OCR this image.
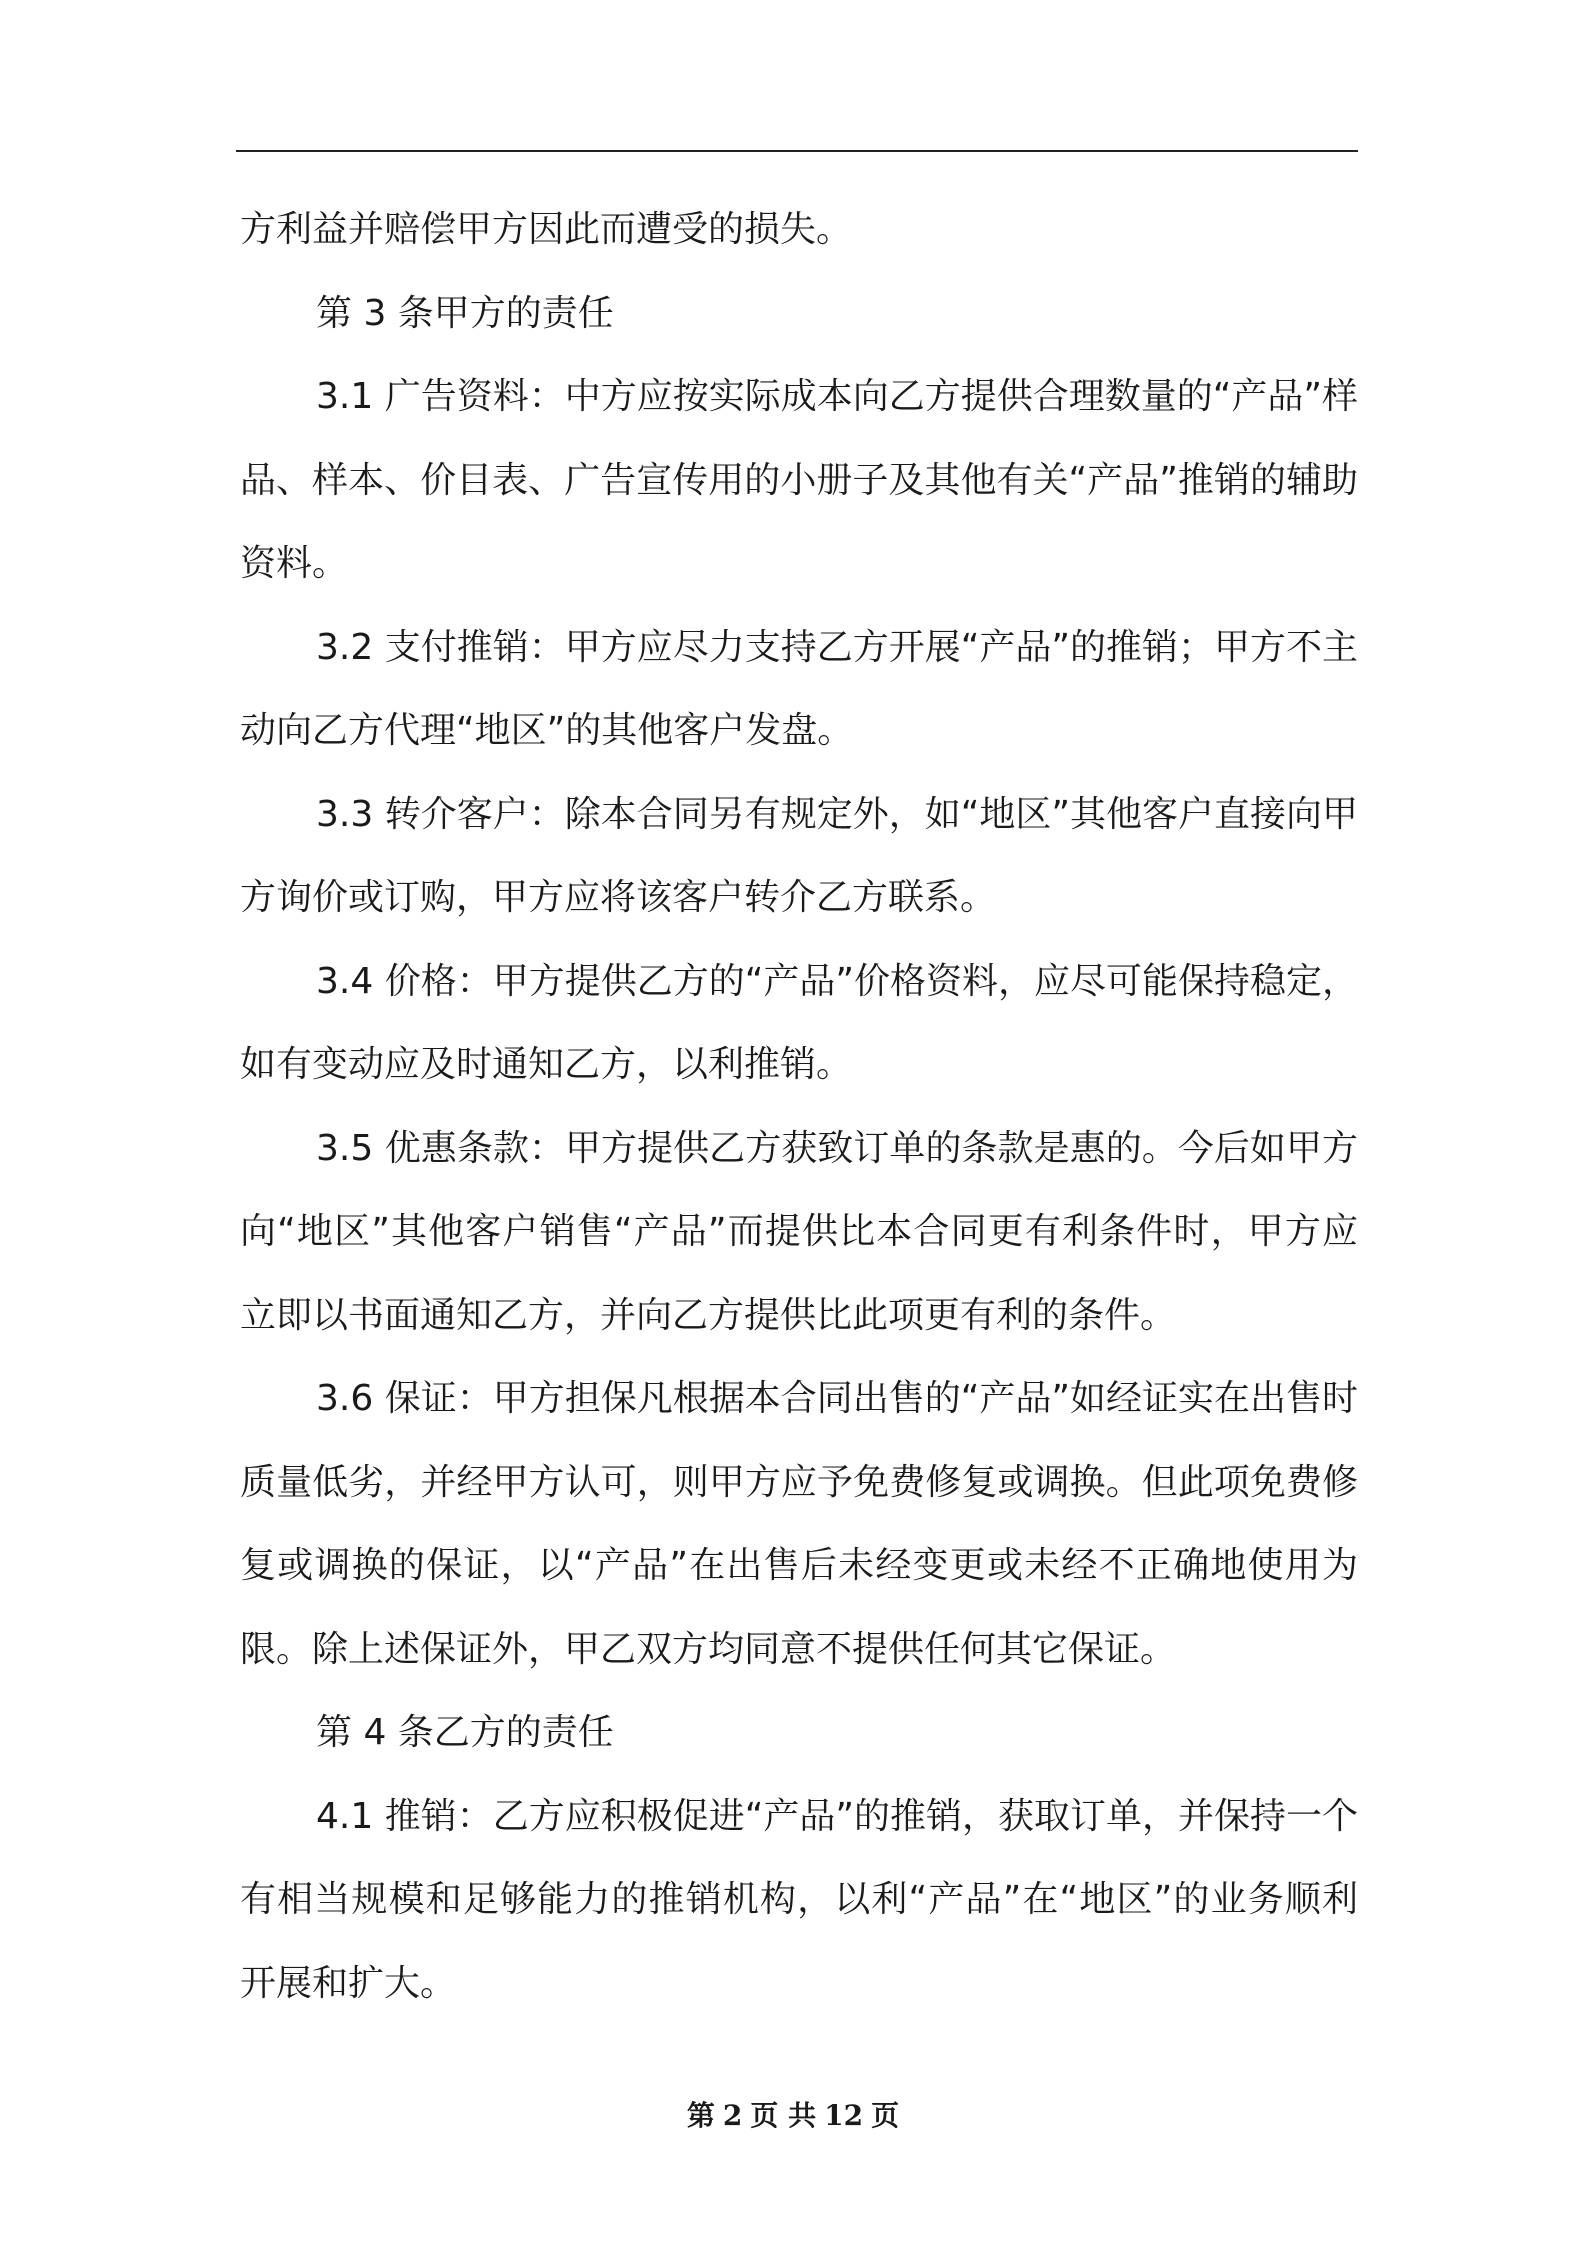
方利益并赔偿甲方因此而遭受的损失。

第 3 条甲方的责任

3.1 广告资料：中方应按实际成本向乙方提供合理数量的“产品”样品、样本、价目表、广告宣传用的小册子及其他有关“产品”推销的辅助资料。

3.2 支付推销：甲方应尽力支持乙方开展“产品”的推销；甲方不主动向乙方代理“地区”的其他客户发盘。

3.3 转介客户：除本合同另有规定外，如“地区”其他客户直接向甲方询价或订购，甲方应将该客户转介乙方联系。

3.4 价格：甲方提供乙方的“产品”价格资料，应尽可能保持稳定，如有变动应及时通知乙方，以利推销。

3.5 优惠条款：甲方提供乙方获致订单的条款是惠的。今后如甲方向“地区”其他客户销售“产品”而提供比本合同更有利条件时，甲方应立即以书面通知乙方，并向乙方提供比此项更有利的条件。

3.6 保证：甲方担保凡根据本合同出售的“产品”如经证实在出售时质量低劣，并经甲方认可，则甲方应予免费修复或调换。但此项免费修复或调换的保证，以“产品”在出售后未经变更或未经不正确地使用为限。除上述保证外，甲乙双方均同意不提供任何其它保证。

第 4 条乙方的责任

4.1 推销：乙方应积极促进“产品”的推销，获取订单，并保持一个有相当规模和足够能力的推销机构，以利“产品”在“地区”的业务顺利开展和扩大。

第 2 页 共 12 页
